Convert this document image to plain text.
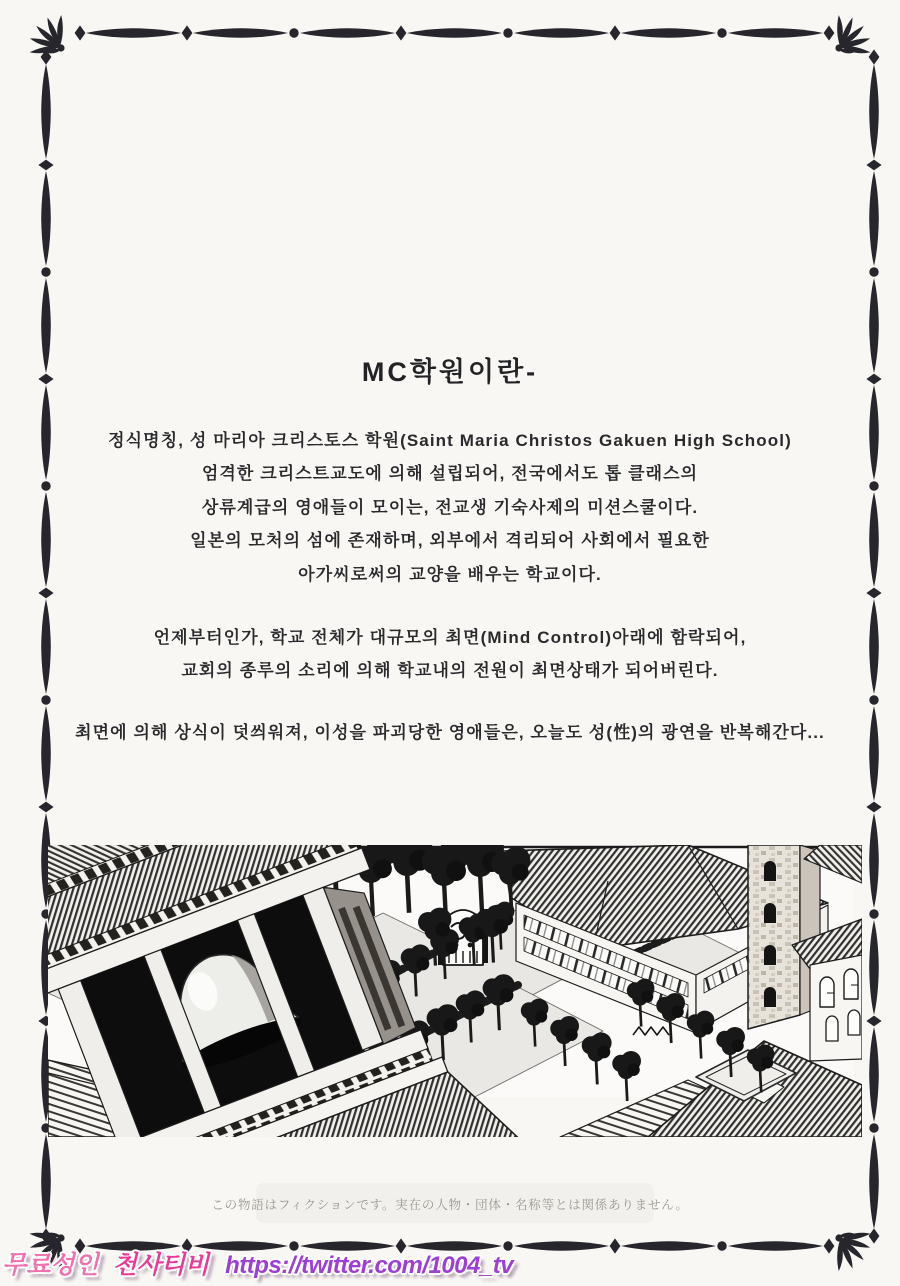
MC학원이란-
정식명칭, 성 마리아 크리스토스 학원(Saint Maria Christos Gakuen High School)
엄격한 크리스트교도에 의해 설립되어, 전국에서도 톱 클래스의
상류계급의 영애들이 모이는, 전교생 기숙사제의 미션스쿨이다.
일본의 모처의 섬에 존재하며, 외부에서 격리되어 사회에서 필요한
아가씨로써의 교양을 배우는 학교이다.
언제부터인가, 학교 전체가 대규모의 최면(Mind Control)아래에 함락되어,
교회의 종루의 소리에 의해 학교내의 전원이 최면상태가 되어버린다.
최면에 의해 상식이 덧씌워져, 이성을 파괴당한 영애들은, 오늘도 성(性)의 광연을 반복해간다...
この物語はフィクションです。実在の人物・団体・名称等とは関係ありません。
무료성인 천사티비 https://twitter.com/1004_tv
